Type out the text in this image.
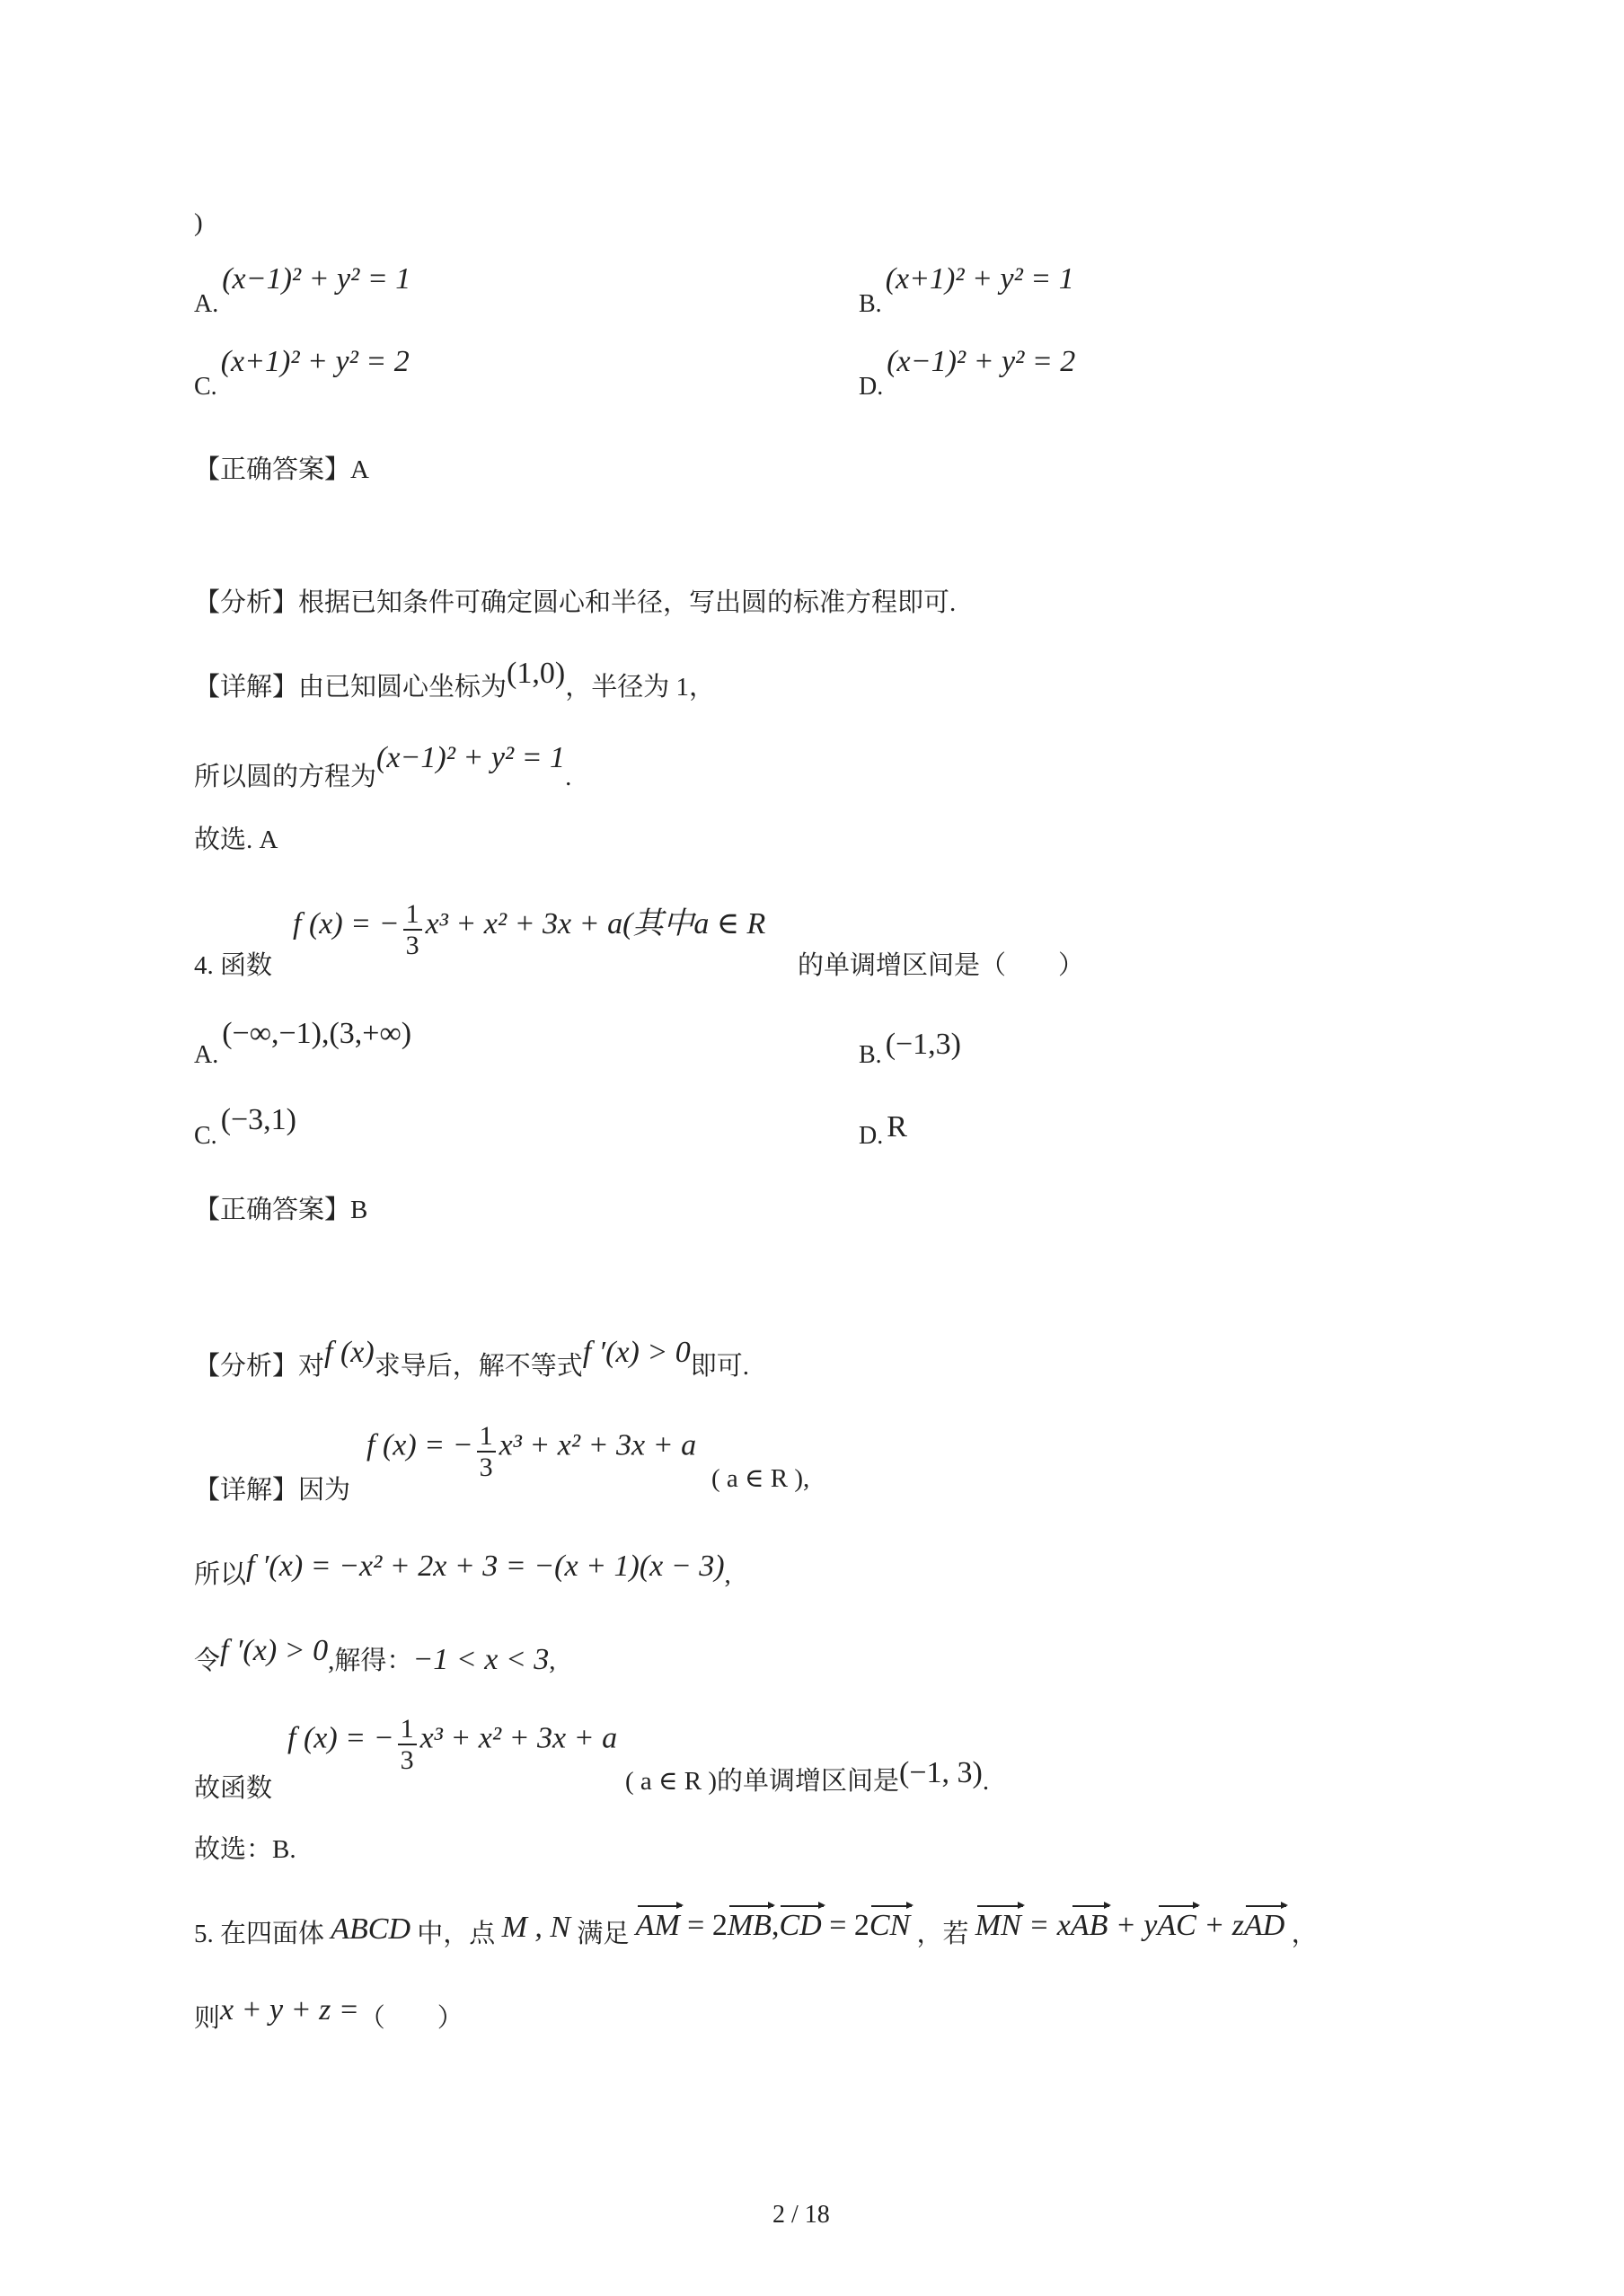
)
A. (x−1)² + y² = 1
B. (x+1)² + y² = 1
C. (x+1)² + y² = 2
D. (x−1)² + y² = 2
【正确答案】A
【分析】根据已知条件可确定圆心和半径，写出圆的标准方程即可.
【详解】由已知圆心坐标为(1,0)，半径为 1，
所以圆的方程为(x−1)² + y² = 1.
故选. A
4. 函数
f (x) = − $\frac{1}{3} x^3 + x^2 + 3x + a$(其中a ∈ R
的单调增区间是（　　）
A. (−∞,−1),(3,+∞)
B. (−1,3)
C. (−3,1)	D. R
【正确答案】B
【分析】对f (x)求导后，解不等式f ′(x) > 0即可.
【详解】因为
f (x) = − $\frac{1}{3} x^3 + x^2 + 3x + a$
( a ∈ R ),
所以f ′(x) = −x² + 2x + 3 = −(x + 1)(x − 3),
令f ′(x) > 0,解得：−1 < x < 3,
故函数
f (x) = − $\frac{1}{3} x^3 + x^2 + 3x + a$
( a ∈ R )的单调增区间是(−1, 3).
故选：B.
5. 在四面体 ABCD 中，点 M , N 满足 AM = 2MB,CD = 2CN ，若 MN = xAB + yAC + zAD ，
则x + y + z =（　　）
2 / 18
